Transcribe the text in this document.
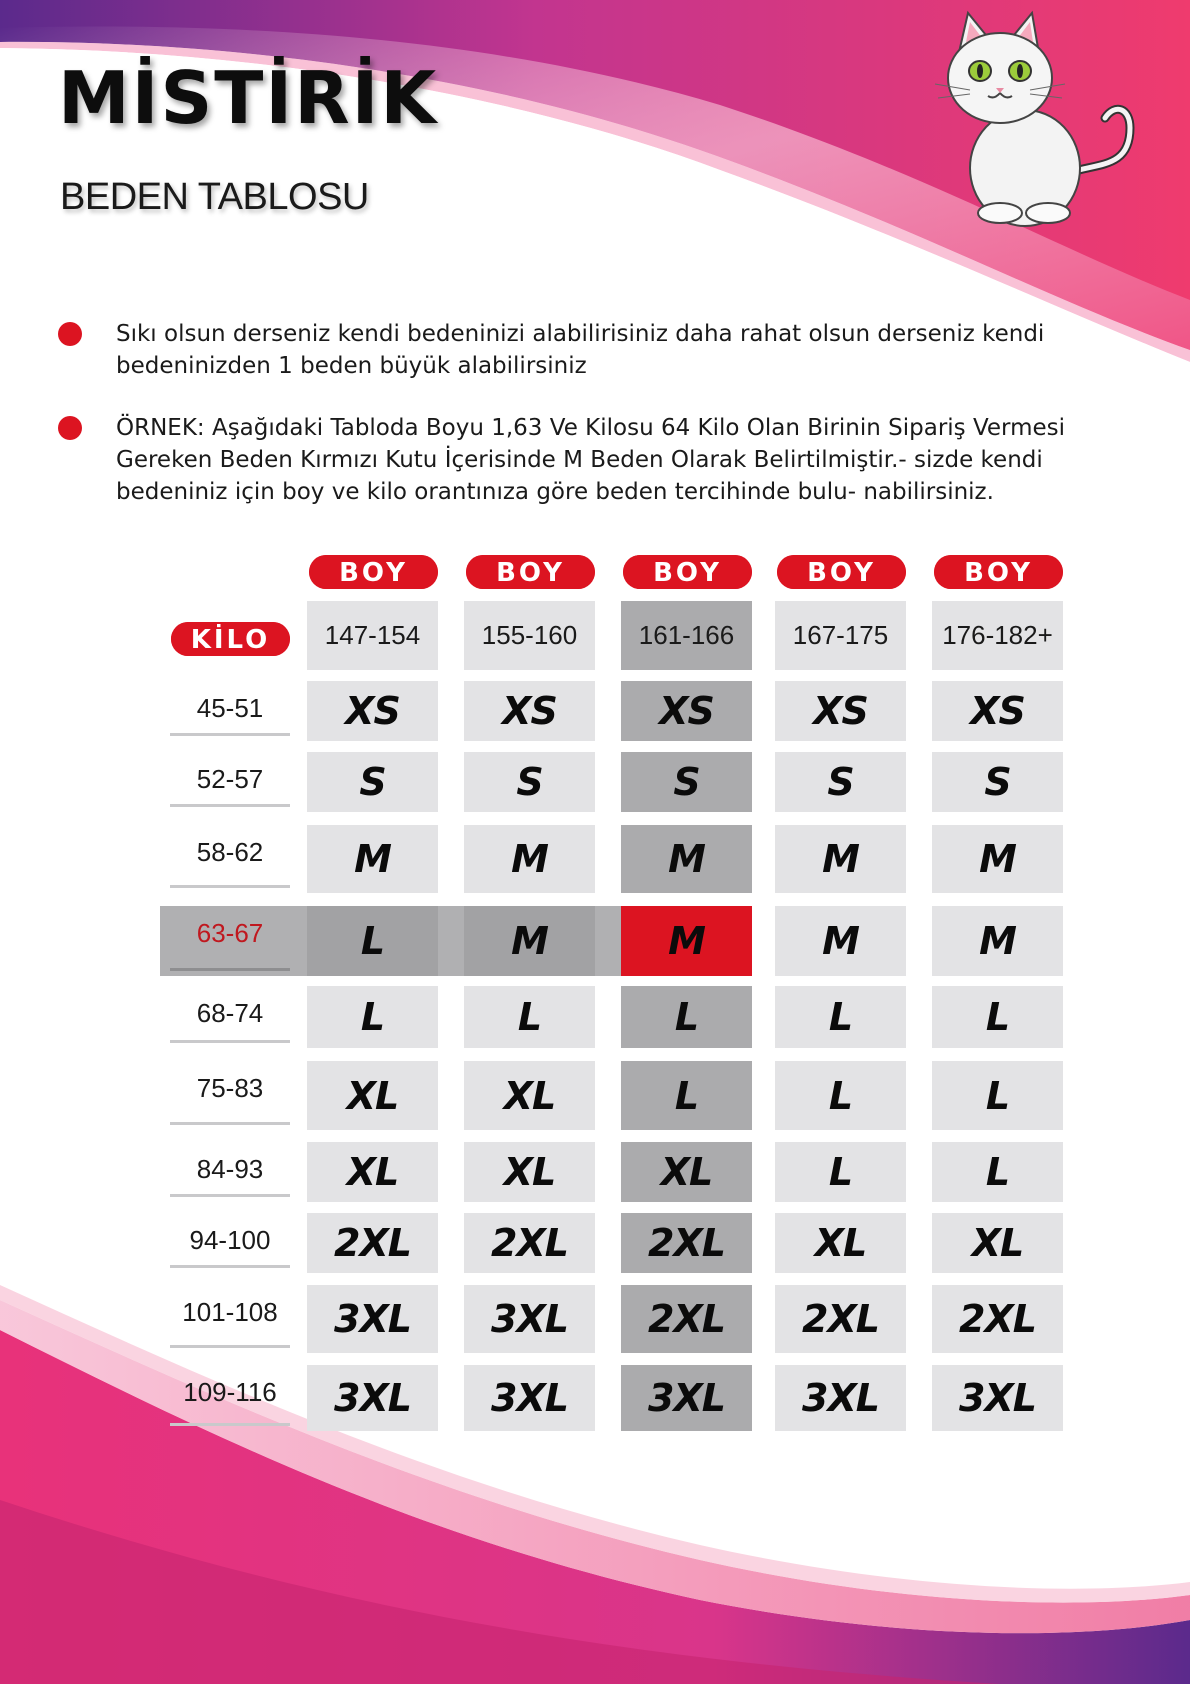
MİSTİRİK
BEDEN TABLOSU
Sıkı olsun derseniz kendi bedeninizi alabilirisiniz daha rahat olsun derseniz kendi bedeninizden 1 beden büyük alabilirsiniz
ÖRNEK: Aşağıdaki Tabloda Boyu 1,63 Ve Kilosu 64 Kilo Olan Birinin Sipariş Vermesi Gereken Beden Kırmızı Kutu İçerisinde M Beden Olarak Belirtilmiştir.- sizde kendi bedeniniz için boy ve kilo orantınıza göre beden tercihinde bulu- nabilirsiniz.
BOY	BOY	BOY	BOY	BOY
KİLO	147-154	155-160	161-166	167-175	176-182+
45-51	XS	XS	XS	XS	XS
52-57	S	S	S	S	S
58-62	M	M	M	M	M
63-67	L	M	M	M	M
68-74	L	L	L	L	L
75-83	XL	XL	L	L	L
84-93	XL	XL	XL	L	L
94-100	2XL	2XL	2XL	XL	XL
101-108	3XL	3XL	2XL	2XL	2XL
109-116	3XL	3XL	3XL	3XL	3XL
